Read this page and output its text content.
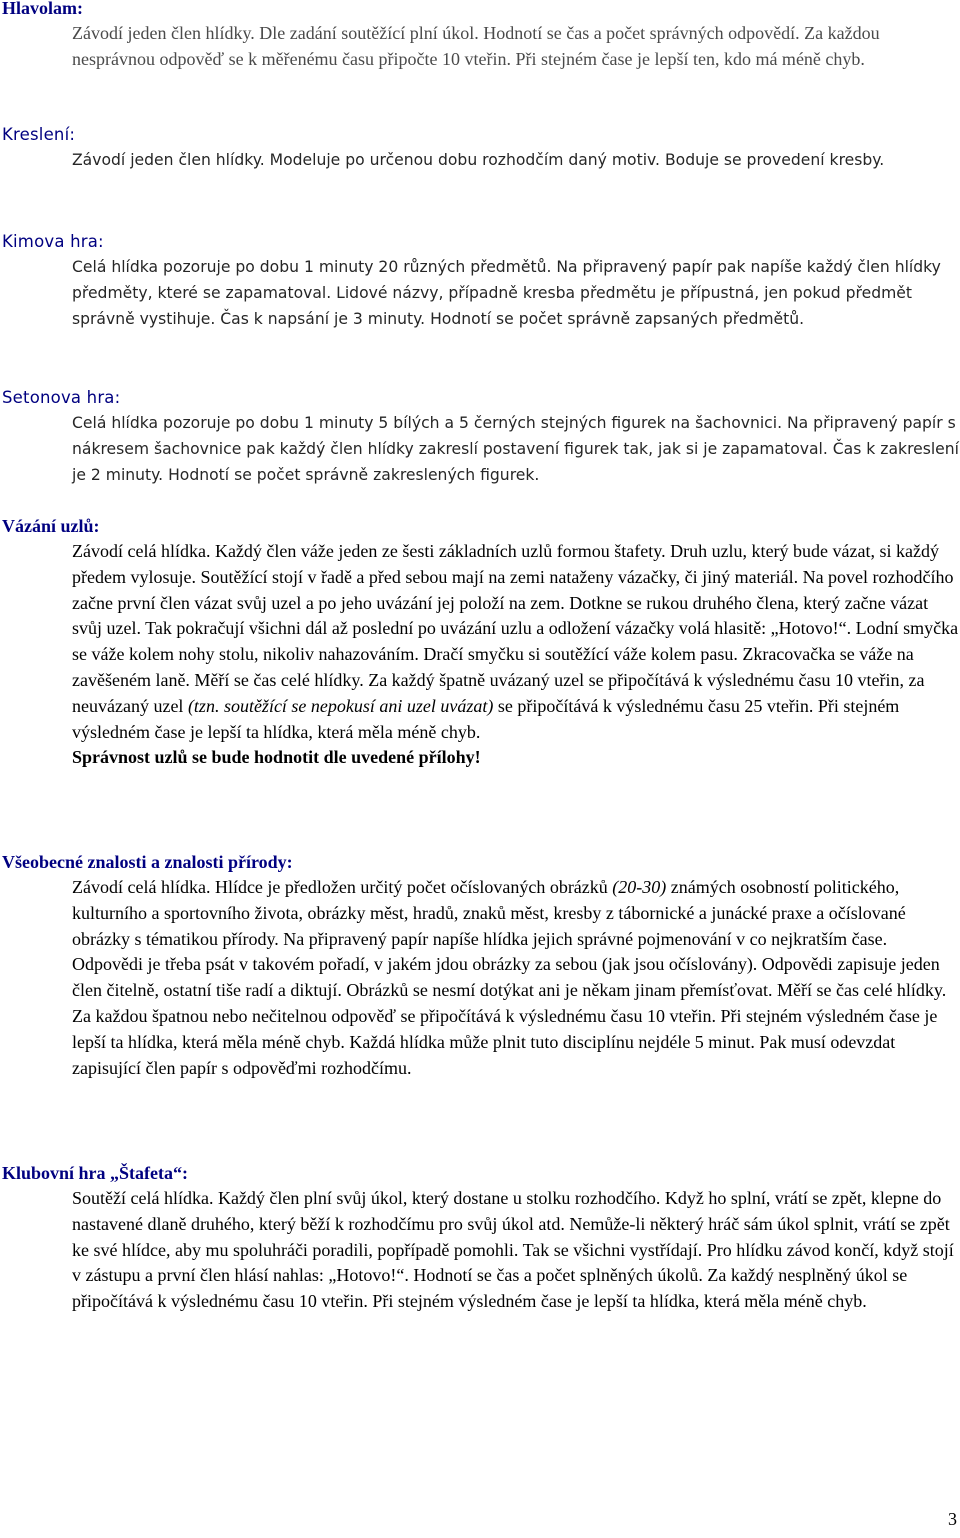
Hlavolam:

Závodí jeden člen hlídky. Dle zadání soutěžící plní úkol. Hodnotí se čas a počet správných odpovědí. Za každou nesprávnou odpověď se k měřenému času připočte 10 vteřin. Při stejném čase je lepší ten, kdo má méně chyb.

Kreslení:

Závodí jeden člen hlídky. Modeluje po určenou dobu rozhodčím daný motiv. Boduje se provedení kresby.

Kimova hra:

Celá hlídka pozoruje po dobu 1 minuty 20 různých předmětů. Na připravený papír pak napíše každý člen hlídky předměty, které se zapamatoval. Lidové názvy, případně kresba předmětu je přípustná, jen pokud předmět správně vystihuje. Čas k napsání je 3 minuty. Hodnotí se počet správně zapsaných předmětů.

Setonova hra:

Celá hlídka pozoruje po dobu 1 minuty 5 bílých a 5 černých stejných figurek na šachovnici. Na připravený papír s nákresem šachovnice pak každý člen hlídky zakreslí postavení figurek tak, jak si je zapamatoval. Čas k zakreslení je 2 minuty. Hodnotí se počet správně zakreslených figurek.

Vázání uzlů:

Závodí celá hlídka. Každý člen váže jeden ze šesti základních uzlů formou štafety. Druh uzlu, který bude vázat, si každý předem vylosuje. Soutěžící stojí v řadě a před sebou mají na zemi nataženy vázačky, či jiný materiál. Na povel rozhodčího začne první člen vázat svůj uzel a po jeho uvázání jej položí na zem. Dotkne se rukou druhého člena, který začne vázat svůj uzel. Tak pokračují všichni dál až poslední po uvázání uzlu a odložení vázačky volá hlasitě: „Hotovo!“. Lodní smyčka se váže kolem nohy stolu, nikoliv nahazováním. Dračí smyčku si soutěžící váže kolem pasu. Zkracovačka se váže na zavěšeném laně. Měří se čas celé hlídky. Za každý špatně uvázaný uzel se připočítává k výslednému času 10 vteřin, za neuvázaný uzel (tzn. soutěžící se nepokusí ani uzel uvázat) se připočítává k výslednému času 25 vteřin. Při stejném výsledném čase je lepší ta hlídka, která měla méně chyb.
Správnost uzlů se bude hodnotit dle uvedené přílohy!

Všeobecné znalosti a znalosti přírody:

Závodí celá hlídka. Hlídce je předložen určitý počet očíslovaných obrázků (20-30) známých osobností politického, kulturního a sportovního života, obrázky měst, hradů, znaků měst, kresby z tábornické a junácké praxe a očíslované obrázky s tématikou přírody. Na připravený papír napíše hlídka jejich správné pojmenování v co nejkratším čase. Odpovědi je třeba psát v takovém pořadí, v jakém jdou obrázky za sebou (jak jsou očíslovány). Odpovědi zapisuje jeden člen čitelně, ostatní tiše radí a diktují. Obrázků se nesmí dotýkat ani je někam jinam přemísťovat. Měří se čas celé hlídky. Za každou špatnou nebo nečitelnou odpověď se připočítává k výslednému času 10 vteřin. Při stejném výsledném čase je lepší ta hlídka, která měla méně chyb. Každá hlídka může plnit tuto disciplínu nejdéle 5 minut. Pak musí odevzdat zapisující člen papír s odpověďmi rozhodčímu.

Klubovní hra „Štafeta“:

Soutěží celá hlídka. Každý člen plní svůj úkol, který dostane u stolku rozhodčího. Když ho splní, vrátí se zpět, klepne do nastavené dlaně druhého, který běží k rozhodčímu pro svůj úkol atd. Nemůže-li některý hráč sám úkol splnit, vrátí se zpět ke své hlídce, aby mu spoluhráči poradili, popřípadě pomohli. Tak se všichni vystřídají. Pro hlídku závod končí, když stojí v zástupu a první člen hlásí nahlas: „Hotovo!“. Hodnotí se čas a počet splněných úkolů. Za každý nesplněný úkol se připočítává k výslednému času 10 vteřin. Při stejném výsledném čase je lepší ta hlídka, která měla méně chyb.

3
